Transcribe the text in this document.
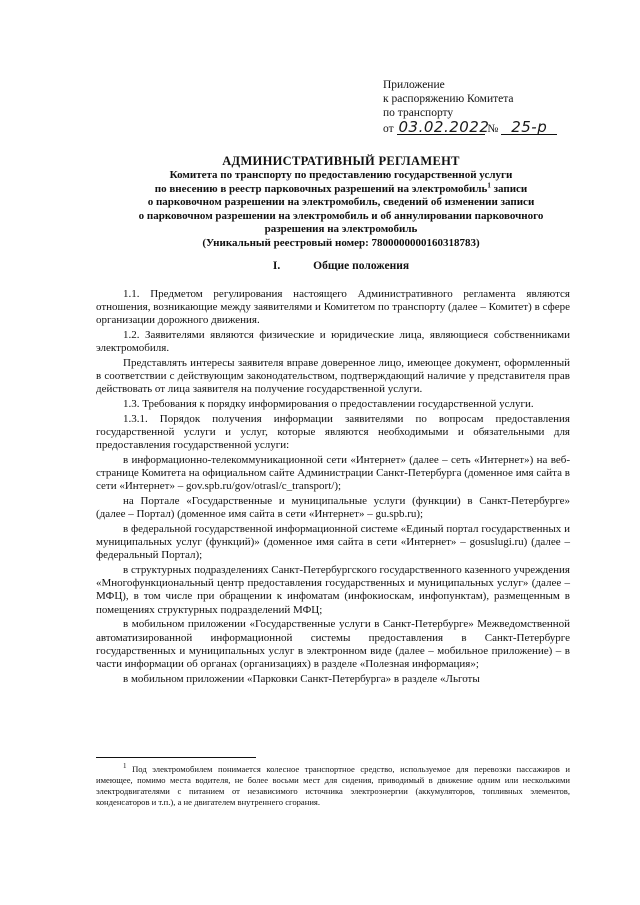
Приложение
к распоряжению Комитета
по транспорту
от 03.02.2022 № 25-р
АДМИНИСТРАТИВНЫЙ РЕГЛАМЕНТ
Комитета по транспорту по предоставлению государственной услуги
по внесению в реестр парковочных разрешений на электромобиль$^1$ записи
о парковочном разрешении на электромобиль, сведений об изменении записи
о парковочном разрешении на электромобиль и об аннулировании парковочного
разрешения на электромобиль
(Уникальный реестровый номер: 7800000000160318783)
I.	Общие положения

1.1. Предметом регулирования настоящего Административного регламента являются отношения, возникающие между заявителями и Комитетом по транспорту (далее – Комитет) в сфере организации дорожного движения.

1.2. Заявителями являются физические и юридические лица, являющиеся собственниками электромобиля.

Представлять интересы заявителя вправе доверенное лицо, имеющее документ, оформленный в соответствии с действующим законодательством, подтверждающий наличие у представителя прав действовать от лица заявителя на получение государственной услуги.

1.3. Требования к порядку информирования о предоставлении государственной услуги.

1.3.1. Порядок получения информации заявителями по вопросам предоставления государственной услуги и услуг, которые являются необходимыми и обязательными для предоставления государственной услуги:

в информационно-телекоммуникационной сети «Интернет» (далее – сеть «Интернет») на веб-странице Комитета на официальном сайте Администрации Санкт-Петербурга (доменное имя сайта в сети «Интернет» – gov.spb.ru/gov/otrasl/c_transport/);

на Портале «Государственные и муниципальные услуги (функции) в Санкт-Петербурге» (далее – Портал) (доменное имя сайта в сети «Интернет» – gu.spb.ru);

в федеральной государственной информационной системе «Единый портал государственных и муниципальных услуг (функций)» (доменное имя сайта в сети «Интернет» – gosuslugi.ru) (далее – федеральный Портал);

в структурных подразделениях Санкт-Петербургского государственного казенного учреждения «Многофункциональный центр предоставления государственных и муниципальных услуг» (далее – МФЦ), в том числе при обращении к инфоматам (инфокиоскам, инфопунктам), размещенным в помещениях структурных подразделений МФЦ;

в мобильном приложении «Государственные услуги в Санкт-Петербурге» Межведомственной автоматизированной информационной системы предоставления в Санкт-Петербурге государственных и муниципальных услуг в электронном виде (далее – мобильное приложение) – в части информации об органах (организациях) в разделе «Полезная информация»;

в мобильном приложении «Парковки Санкт-Петербурга» в разделе «Льготы

$^1$ Под электромобилем понимается колесное транспортное средство, используемое для перевозки пассажиров и имеющее, помимо места водителя, не более восьми мест для сидения, приводимый в движение одним или несколькими электродвигателями с питанием от независимого источника электроэнергии (аккумуляторов, топливных элементов, конденсаторов и т.п.), а не двигателем внутреннего сгорания.
